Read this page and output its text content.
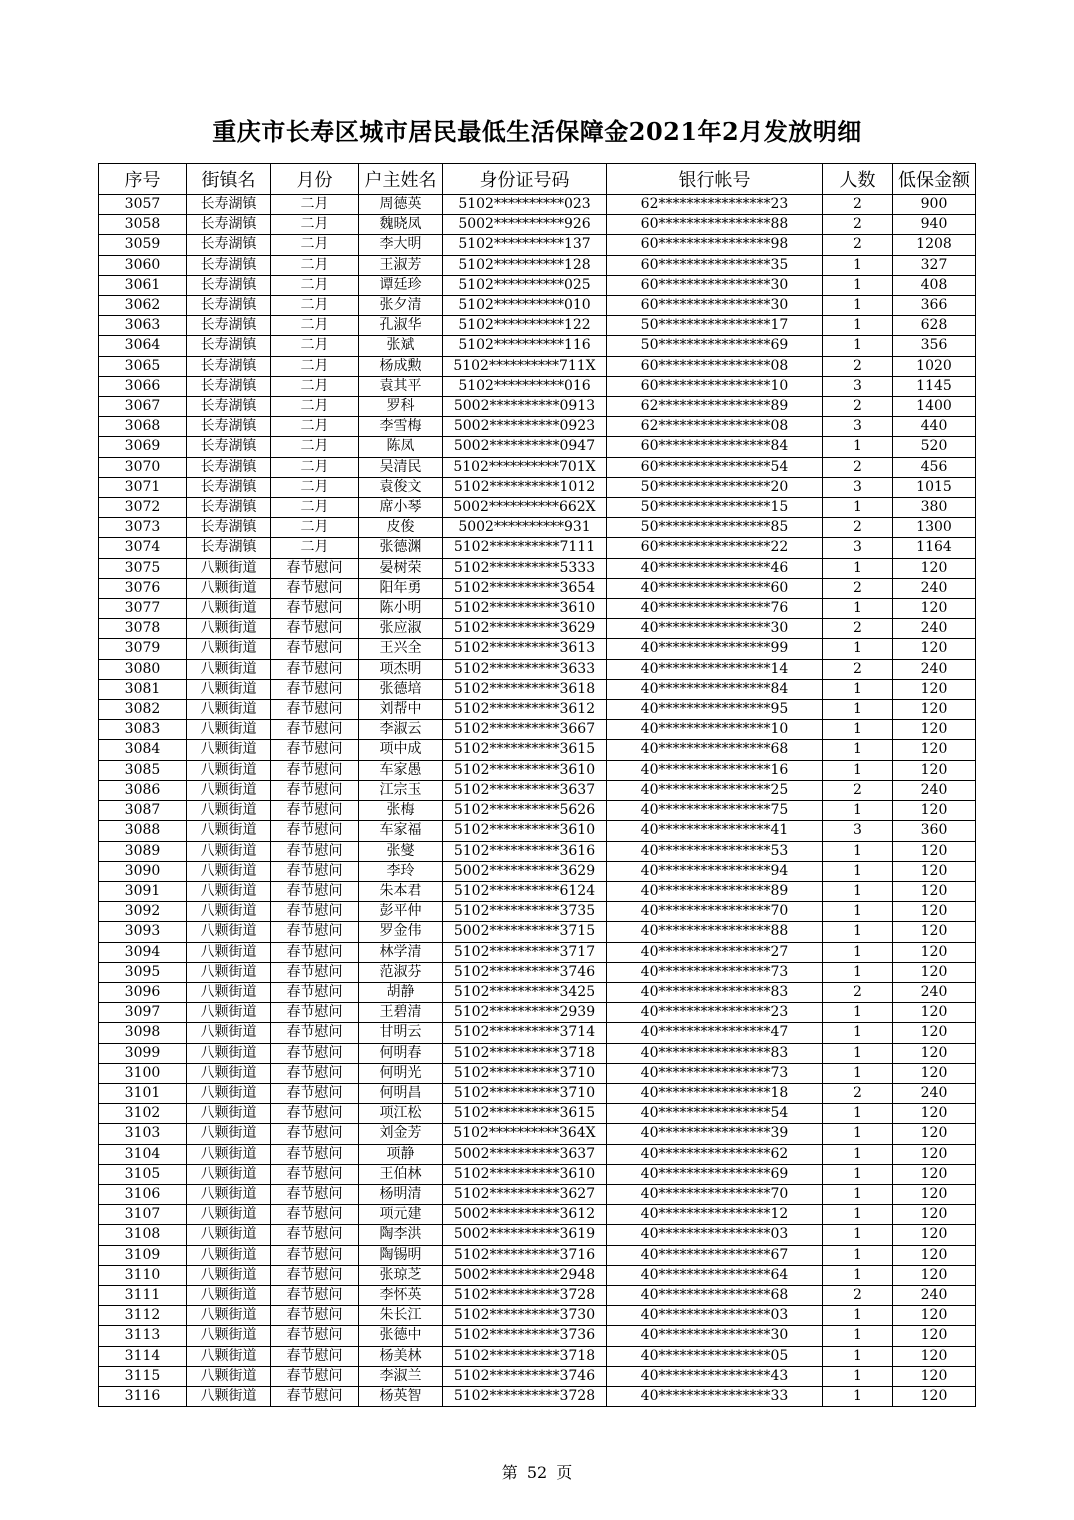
重庆市长寿区城市居民最低生活保障金2021年2月发放明细
序号	街镇名	月份	户主姓名	身份证号码	银行帐号	人数	低保金额
3057	长寿湖镇	二月	周德英	5102**********023	62****************23	2	900
3058	长寿湖镇	二月	魏晓凤	5002**********926	60****************88	2	940
3059	长寿湖镇	二月	李大明	5102**********137	60****************98	2	1208
3060	长寿湖镇	二月	王淑芳	5102**********128	60****************35	1	327
3061	长寿湖镇	二月	谭廷珍	5102**********025	60****************30	1	408
3062	长寿湖镇	二月	张夕清	5102**********010	60****************30	1	366
3063	长寿湖镇	二月	孔淑华	5102**********122	50****************17	1	628
3064	长寿湖镇	二月	张斌	5102**********116	50****************69	1	356
3065	长寿湖镇	二月	杨成勲	5102**********711X	60****************08	2	1020
3066	长寿湖镇	二月	袁其平	5102**********016	60****************10	3	1145
3067	长寿湖镇	二月	罗科	5002**********0913	62****************89	2	1400
3068	长寿湖镇	二月	李雪梅	5002**********0923	62****************08	3	440
3069	长寿湖镇	二月	陈凤	5002**********0947	60****************84	1	520
3070	长寿湖镇	二月	吴清民	5102**********701X	60****************54	2	456
3071	长寿湖镇	二月	袁俊文	5102**********1012	50****************20	3	1015
3072	长寿湖镇	二月	席小琴	5002**********662X	50****************15	1	380
3073	长寿湖镇	二月	皮俊	5002**********931	50****************85	2	1300
3074	长寿湖镇	二月	张德渊	5102**********7111	60****************22	3	1164
3075	八颗街道	春节慰问	晏树荣	5102**********5333	40****************46	1	120
3076	八颗街道	春节慰问	阳年勇	5102**********3654	40****************60	2	240
3077	八颗街道	春节慰问	陈小明	5102**********3610	40****************76	1	120
3078	八颗街道	春节慰问	张应淑	5102**********3629	40****************30	2	240
3079	八颗街道	春节慰问	王兴全	5102**********3613	40****************99	1	120
3080	八颗街道	春节慰问	项杰明	5102**********3633	40****************14	2	240
3081	八颗街道	春节慰问	张德培	5102**********3618	40****************84	1	120
3082	八颗街道	春节慰问	刘帮中	5102**********3612	40****************95	1	120
3083	八颗街道	春节慰问	李淑云	5102**********3667	40****************10	1	120
3084	八颗街道	春节慰问	项中成	5102**********3615	40****************68	1	120
3085	八颗街道	春节慰问	车家愚	5102**********3610	40****************16	1	120
3086	八颗街道	春节慰问	江宗玉	5102**********3637	40****************25	2	240
3087	八颗街道	春节慰问	张梅	5102**********5626	40****************75	1	120
3088	八颗街道	春节慰问	车家福	5102**********3610	40****************41	3	360
3089	八颗街道	春节慰问	张燮	5102**********3616	40****************53	1	120
3090	八颗街道	春节慰问	李玲	5002**********3629	40****************94	1	120
3091	八颗街道	春节慰问	朱本君	5102**********6124	40****************89	1	120
3092	八颗街道	春节慰问	彭平仲	5102**********3735	40****************70	1	120
3093	八颗街道	春节慰问	罗金伟	5002**********3715	40****************88	1	120
3094	八颗街道	春节慰问	林学清	5102**********3717	40****************27	1	120
3095	八颗街道	春节慰问	范淑芬	5102**********3746	40****************73	1	120
3096	八颗街道	春节慰问	胡静	5102**********3425	40****************83	2	240
3097	八颗街道	春节慰问	王碧清	5102**********2939	40****************23	1	120
3098	八颗街道	春节慰问	甘明云	5102**********3714	40****************47	1	120
3099	八颗街道	春节慰问	何明春	5102**********3718	40****************83	1	120
3100	八颗街道	春节慰问	何明光	5102**********3710	40****************73	1	120
3101	八颗街道	春节慰问	何明昌	5102**********3710	40****************18	2	240
3102	八颗街道	春节慰问	项江松	5102**********3615	40****************54	1	120
3103	八颗街道	春节慰问	刘金芳	5102**********364X	40****************39	1	120
3104	八颗街道	春节慰问	项静	5002**********3637	40****************62	1	120
3105	八颗街道	春节慰问	王伯林	5102**********3610	40****************69	1	120
3106	八颗街道	春节慰问	杨明清	5102**********3627	40****************70	1	120
3107	八颗街道	春节慰问	项元建	5002**********3612	40****************12	1	120
3108	八颗街道	春节慰问	陶李洪	5002**********3619	40****************03	1	120
3109	八颗街道	春节慰问	陶锡明	5102**********3716	40****************67	1	120
3110	八颗街道	春节慰问	张琼芝	5002**********2948	40****************64	1	120
3111	八颗街道	春节慰问	李怀英	5102**********3728	40****************68	2	240
3112	八颗街道	春节慰问	朱长江	5102**********3730	40****************03	1	120
3113	八颗街道	春节慰问	张德中	5102**********3736	40****************30	1	120
3114	八颗街道	春节慰问	杨美林	5102**********3718	40****************05	1	120
3115	八颗街道	春节慰问	李淑兰	5102**********3746	40****************43	1	120
3116	八颗街道	春节慰问	杨英智	5102**********3728	40****************33	1	120
第 52 页
